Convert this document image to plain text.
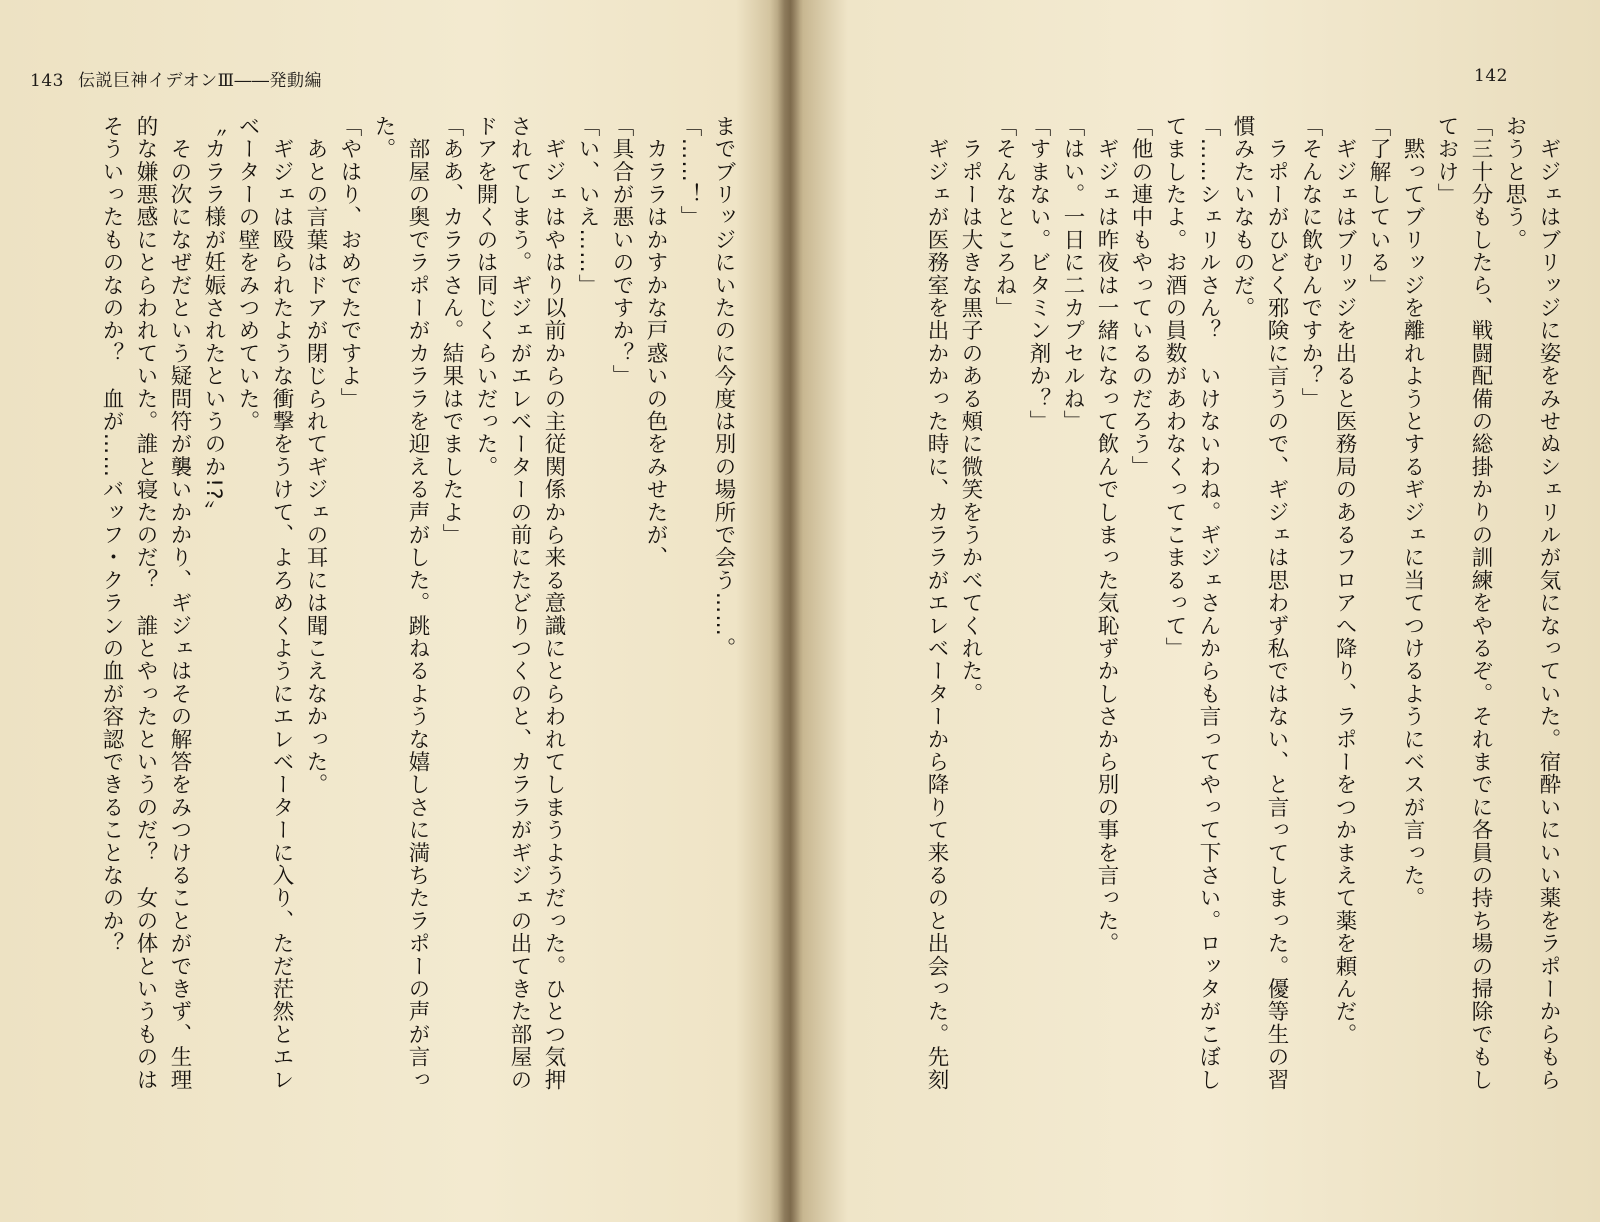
143 伝説巨神イデオンⅢ――発動編
までブリッジにいたのに今度は別の場所で会う……。
「……！」
　カララはかすかな戸惑いの色をみせたが、
「具合が悪いのですか？」
「い、いえ……」
　ギジェはやはり以前からの主従関係から来る意識にとらわれてしまうようだった。ひとつ気押
されてしまう。ギジェがエレベーターの前にたどりつくのと、カララがギジェの出てきた部屋の
ドアを開くのは同じくらいだった。
「ああ、カララさん。結果はでましたよ」
　部屋の奥でラポーがカララを迎える声がした。跳ねるような嬉しさに満ちたラポーの声が言っ
た。
「やはり、おめでたですよ」
　あとの言葉はドアが閉じられてギジェの耳には聞こえなかった。
　ギジェは殴られたような衝撃をうけて、よろめくようにエレベーターに入り、ただ茫然とエレ
ベーターの壁をみつめていた。
〝カララ様が妊娠されたというのか!?〟
　その次になぜだという疑問符が襲いかかり、ギジェはその解答をみつけることができず、生理
的な嫌悪感にとらわれていた。誰と寝たのだ？　誰とやったというのだ？　女の体というものは
そういったものなのか？　血が……バッフ・クランの血が容認できることなのか？
142
　ギジェはブリッジに姿をみせぬシェリルが気になっていた。宿酔いにいい薬をラポーからもら
おうと思う。
「三十分もしたら、戦闘配備の総掛かりの訓練をやるぞ。それまでに各員の持ち場の掃除でもし
ておけ」
　黙ってブリッジを離れようとするギジェに当てつけるようにベスが言った。
「了解している」
　ギジェはブリッジを出ると医務局のあるフロアへ降り、ラポーをつかまえて薬を頼んだ。
「そんなに飲むんですか？」
　ラポーがひどく邪険に言うので、ギジェは思わず私ではない、と言ってしまった。優等生の習
慣みたいなものだ。
「……シェリルさん？　いけないわね。ギジェさんからも言ってやって下さい。ロッタがこぼし
てましたよ。お酒の員数があわなくってこまるって」
「他の連中もやっているのだろう」
　ギジェは昨夜は一緒になって飲んでしまった気恥ずかしさから別の事を言った。
「はい。一日に二カプセルね」
「すまない。ビタミン剤か？」
「そんなところね」
　ラポーは大きな黒子のある頰に微笑をうかべてくれた。
　ギジェが医務室を出かかった時に、カララがエレベーターから降りて来るのと出会った。先刻
